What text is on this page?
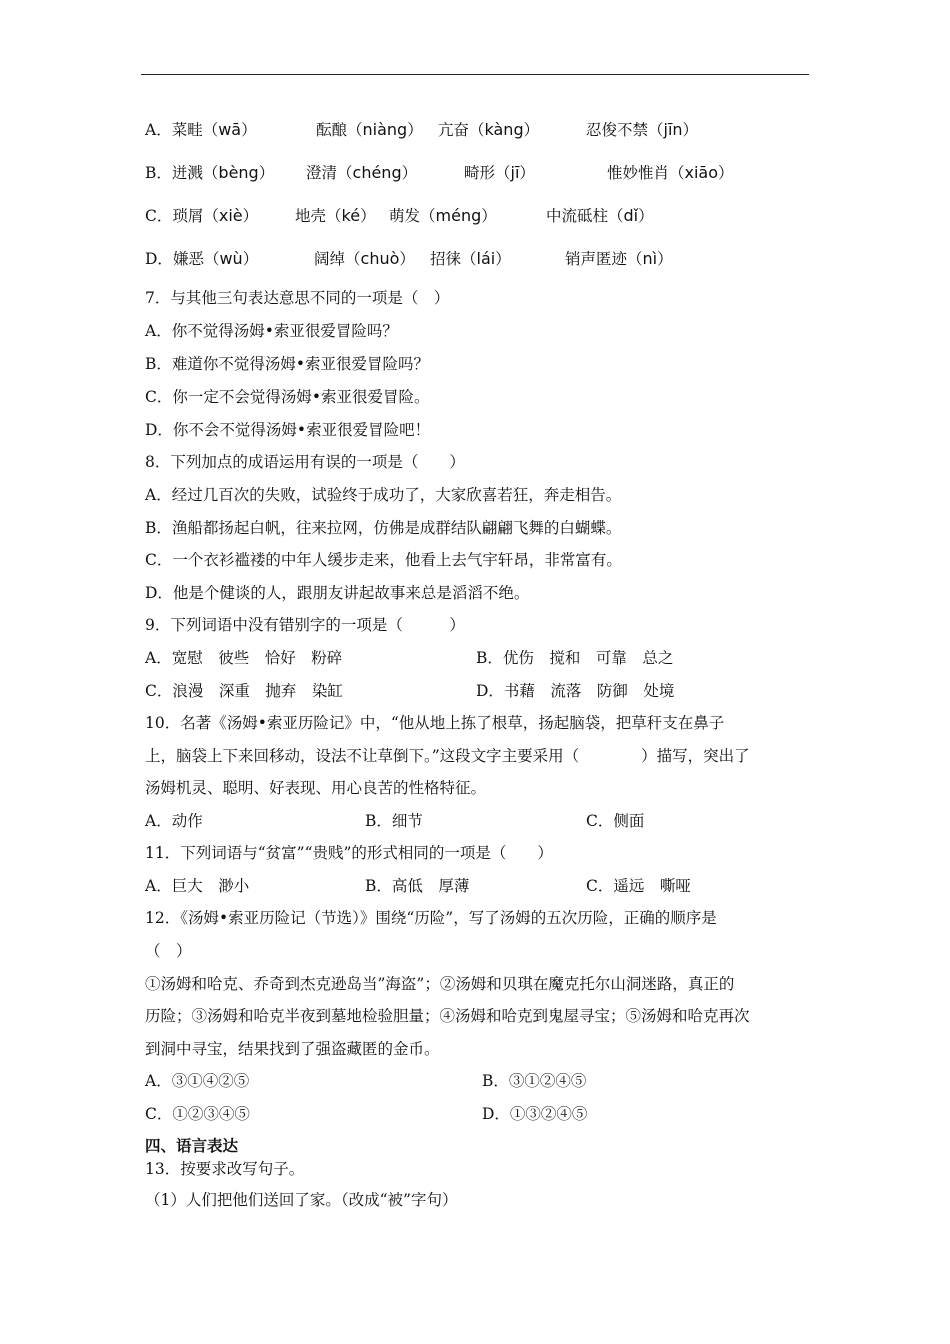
A．菜畦（wā）	酝酿（niàng） 亢奋（kàng）	忍俊不禁（jīn）
B．迸溅（bèng） 澄清（chéng）	畸形（jī）	惟妙惟肖（xiāo）
C．琐屑（xiè） 地壳（ké） 萌发（méng）	中流砥柱（dǐ）
D．嫌恶（wù）	阔绰（chuò） 招徕（lái）	销声匿迹（nì）
7．与其他三句表达意思不同的一项是（　）
A．你不觉得汤姆•索亚很爱冒险吗？
B．难道你不觉得汤姆•索亚很爱冒险吗？
C．你一定不会觉得汤姆•索亚很爱冒险。
D．你不会不觉得汤姆•索亚很爱冒险吧！
8．下列加点的成语运用有误的一项是（　　）
A．经过几百次的失败，试验终于成功了，大家欣喜若狂，奔走相告。
B．渔船都扬起白帆，往来拉网，仿佛是成群结队翩翩飞舞的白蝴蝶。
C．一个衣衫褴褛的中年人缓步走来，他看上去气宇轩昂，非常富有。
D．他是个健谈的人，跟朋友讲起故事来总是滔滔不绝。
9．下列词语中没有错别字的一项是（　　　）
A．宽慰　彼些　恰好　粉碎	B．优伤　搅和　可靠　总之
C．浪漫　深重　抛弃　染缸	D．书藉　流落　防御　处境
10．名著《汤姆•索亚历险记》中，“他从地上拣了根草，扬起脑袋，把草秆支在鼻子
上，脑袋上下来回移动，设法不让草倒下。”这段文字主要采用（　　　　）描写，突出了
汤姆机灵、聪明、好表现、用心良苦的性格特征。
A．动作	B．细节	C．侧面
11．下列词语与“贫富”“贵贱”的形式相同的一项是（　　）
A．巨大　渺小	B．高低　厚薄	C．遥远　嘶哑
12．《汤姆•索亚历险记（节选）》围绕“历险”，写了汤姆的五次历险，正确的顺序是
（　）
①汤姆和哈克、乔奇到杰克逊岛当”海盗”；②汤姆和贝琪在魔克托尔山洞迷路，真正的
历险；③汤姆和哈克半夜到墓地检验胆量；④汤姆和哈克到鬼屋寻宝；⑤汤姆和哈克再次
到洞中寻宝，结果找到了强盗藏匿的金币。
A．③①④②⑤	B．③①②④⑤
C．①②③④⑤	D．①③②④⑤
四、语言表达
13．按要求改写句子。
（1）人们把他们送回了家。（改成“被”字句）
